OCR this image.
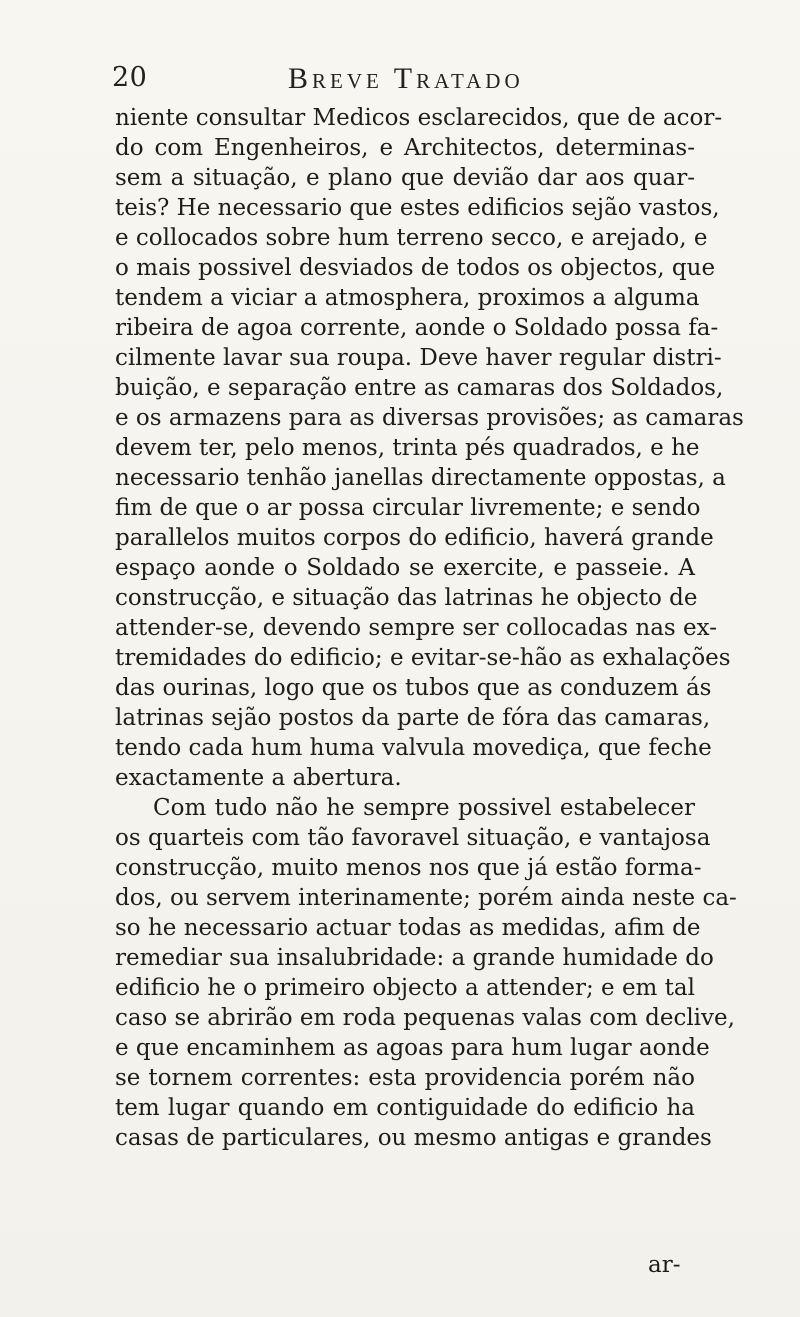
20	Breve Tratado
niente consultar Medicos esclarecidos, que de acor-
do com Engenheiros, e Architectos, determinas-
sem a situação, e plano que devião dar aos quar-
teis? He necessario que estes edificios sejão vastos,
e collocados sobre hum terreno secco, e arejado, e
o mais possivel desviados de todos os objectos, que
tendem a viciar a atmosphera, proximos a alguma
ribeira de agoa corrente, aonde o Soldado possa fa-
cilmente lavar sua roupa. Deve haver regular distri-
buição, e separação entre as camaras dos Soldados,
e os armazens para as diversas provisões; as camaras
devem ter, pelo menos, trinta pés quadrados, e he
necessario tenhão janellas directamente oppostas, a
fim de que o ar possa circular livremente; e sendo
parallelos muitos corpos do edificio, haverá grande
espaço aonde o Soldado se exercite, e passeie. A
construcção, e situação das latrinas he objecto de
attender-se, devendo sempre ser collocadas nas ex-
tremidades do edificio; e evitar-se-hão as exhalações
das ourinas, logo que os tubos que as conduzem ás
latrinas sejão postos da parte de fóra das camaras,
tendo cada hum huma valvula movediça, que feche
exactamente a abertura.
Com tudo não he sempre possivel estabelecer
os quarteis com tão favoravel situação, e vantajosa
construcção, muito menos nos que já estão forma-
dos, ou servem interinamente; porém ainda neste ca-
so he necessario actuar todas as medidas, afim de
remediar sua insalubridade: a grande humidade do
edificio he o primeiro objecto a attender; e em tal
caso se abrirão em roda pequenas valas com declive,
e que encaminhem as agoas para hum lugar aonde
se tornem correntes: esta providencia porém não
tem lugar quando em contiguidade do edificio ha
casas de particulares, ou mesmo antigas e grandes
ar-
